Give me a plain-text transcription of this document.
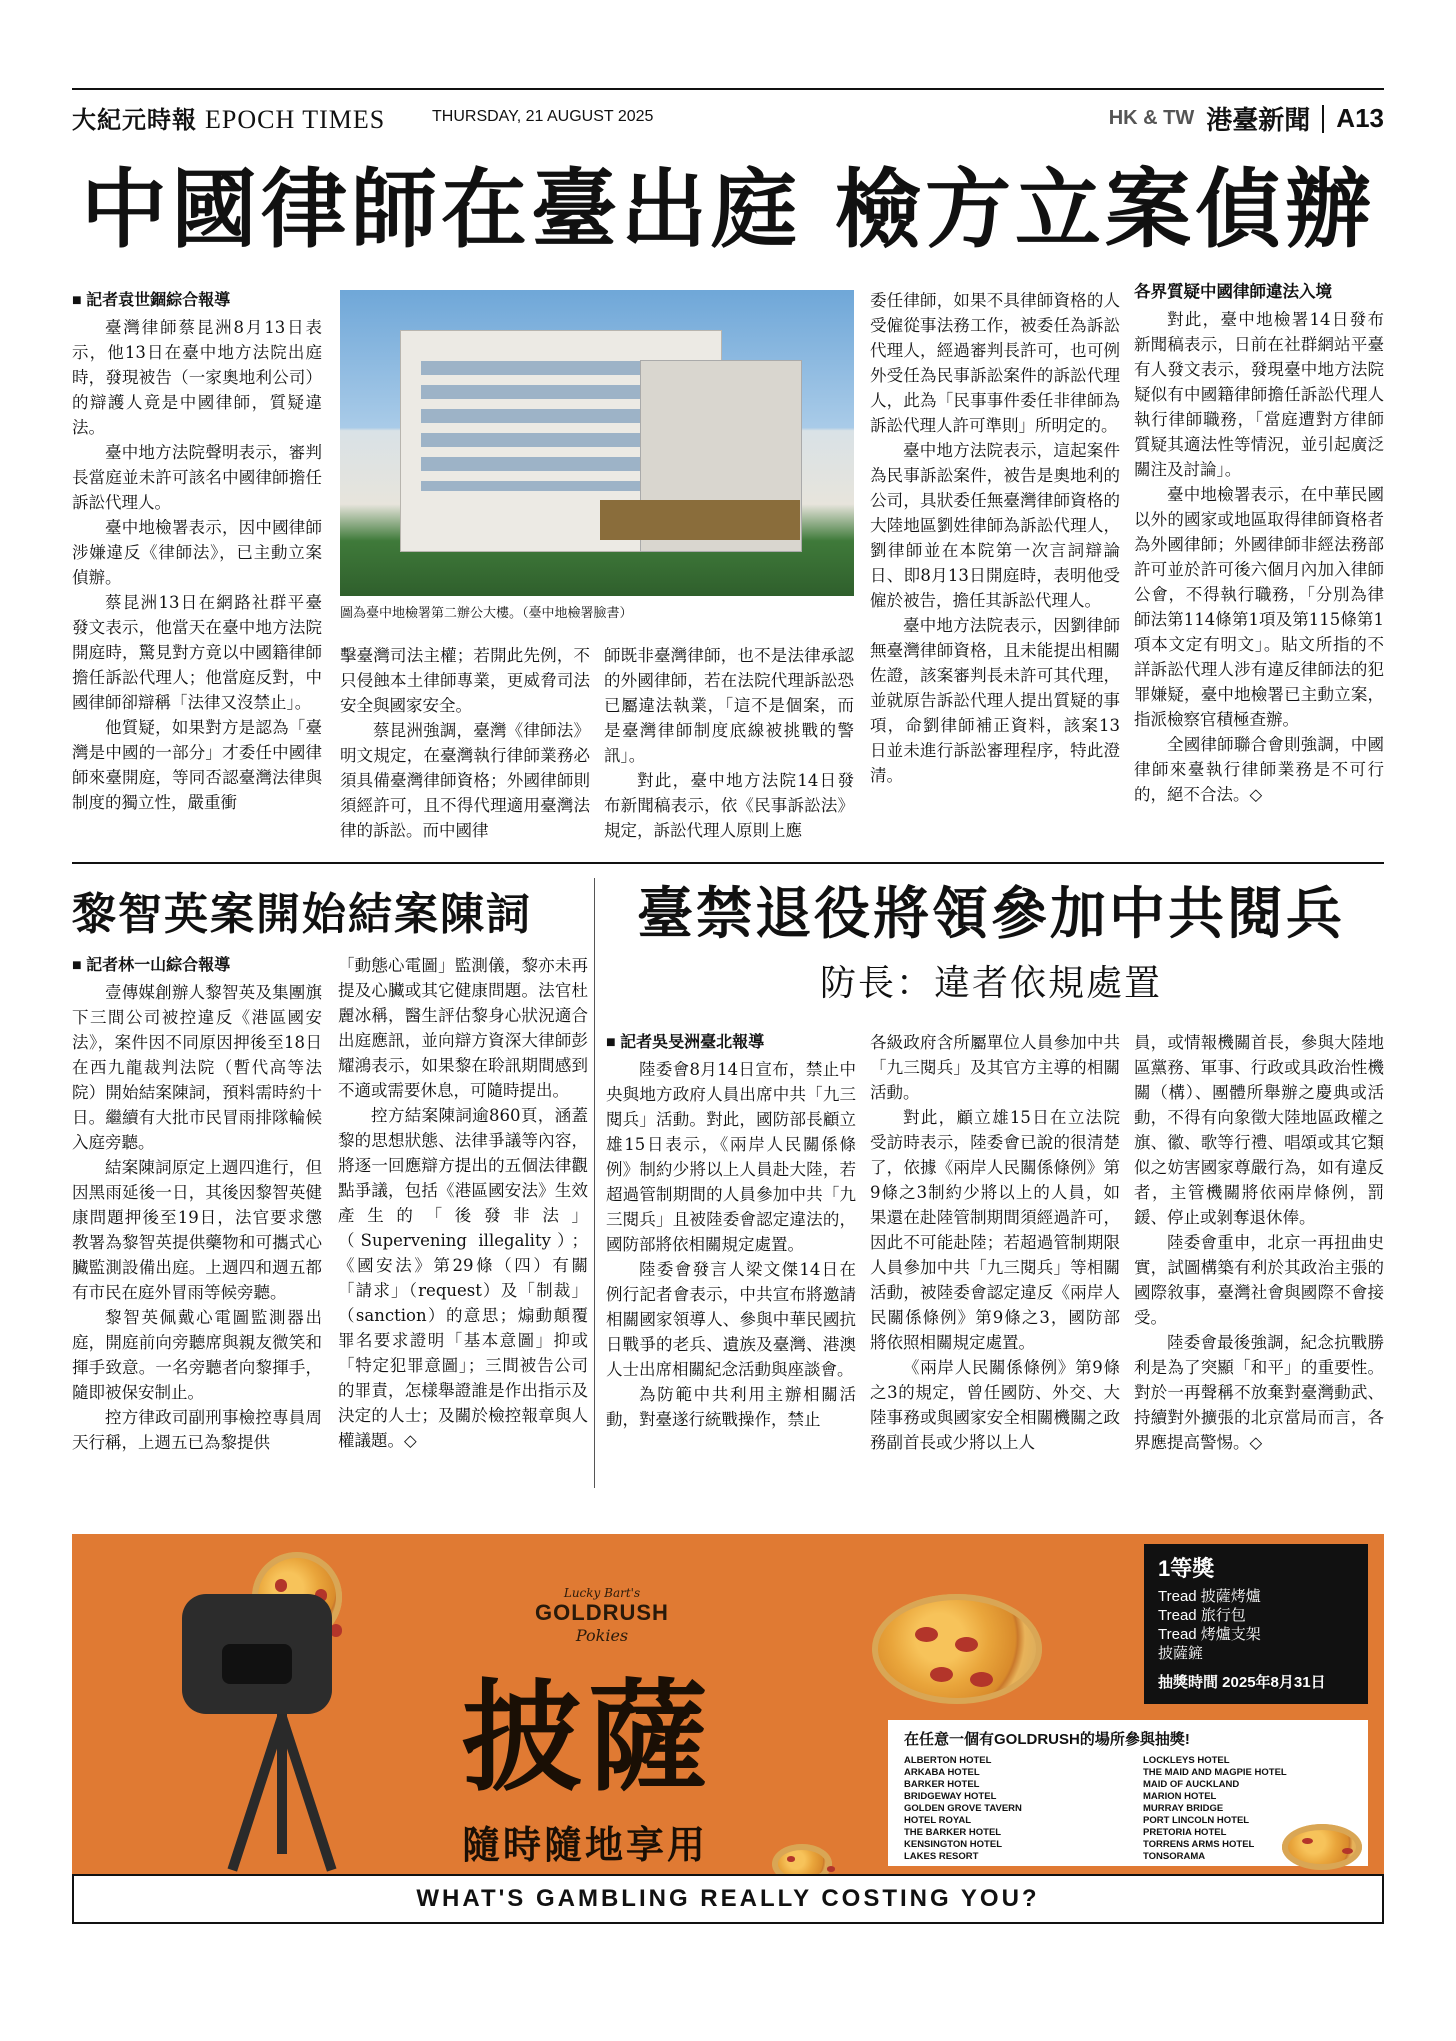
大紀元時報 EPOCH TIMES	THURSDAY, 21 AUGUST 2025	HK & TW 港臺新聞 A13
中國律師在臺出庭 檢方立案偵辦
■ 記者袁世錮綜合報導

臺灣律師蔡昆洲8月13日表示，他13日在臺中地方法院出庭時，發現被告（一家奧地利公司）的辯護人竟是中國律師，質疑違法。

臺中地方法院聲明表示，審判長當庭並未許可該名中國律師擔任訴訟代理人。

臺中地檢署表示，因中國律師涉嫌違反《律師法》，已主動立案偵辦。

蔡昆洲13日在網路社群平臺發文表示，他當天在臺中地方法院開庭時，驚見對方竟以中國籍律師擔任訴訟代理人；他當庭反對，中國律師卻辯稱「法律又沒禁止」。

他質疑，如果對方是認為「臺灣是中國的一部分」才委任中國律師來臺開庭，等同否認臺灣法律與制度的獨立性，嚴重衝

圖為臺中地檢署第二辦公大樓。（臺中地檢署臉書）

擊臺灣司法主權；若開此先例，不只侵蝕本土律師專業，更威脅司法安全與國家安全。

蔡昆洲強調，臺灣《律師法》明文規定，在臺灣執行律師業務必須具備臺灣律師資格；外國律師則須經許可，且不得代理適用臺灣法律的訴訟。而中國律

師既非臺灣律師，也不是法律承認的外國律師，若在法院代理訴訟恐已屬違法執業，「這不是個案，而是臺灣律師制度底線被挑戰的警訊」。

對此，臺中地方法院14日發布新聞稿表示，依《民事訴訟法》規定，訴訟代理人原則上應

委任律師，如果不具律師資格的人受僱從事法務工作，被委任為訴訟代理人，經過審判長許可，也可例外受任為民事訴訟案件的訴訟代理人，此為「民事事件委任非律師為訴訟代理人許可準則」所明定的。

臺中地方法院表示，這起案件為民事訴訟案件，被告是奧地利的公司，具狀委任無臺灣律師資格的大陸地區劉姓律師為訴訟代理人，劉律師並在本院第一次言詞辯論日、即8月13日開庭時，表明他受僱於被告，擔任其訴訟代理人。

臺中地方法院表示，因劉律師無臺灣律師資格，且未能提出相關佐證，該案審判長未許可其代理，並就原告訴訟代理人提出質疑的事項，命劉律師補正資料，該案13日並未進行訴訟審理程序，特此澄清。

各界質疑中國律師違法入境

對此，臺中地檢署14日發布新聞稿表示，日前在社群網站平臺有人發文表示，發現臺中地方法院疑似有中國籍律師擔任訴訟代理人執行律師職務，「當庭遭對方律師質疑其適法性等情況，並引起廣泛關注及討論」。

臺中地檢署表示，在中華民國以外的國家或地區取得律師資格者為外國律師；外國律師非經法務部許可並於許可後六個月內加入律師公會，不得執行職務，「分別為律師法第114條第1項及第115條第1項本文定有明文」。貼文所指的不詳訴訟代理人涉有違反律師法的犯罪嫌疑，臺中地檢署已主動立案，指派檢察官積極查辦。

全國律師聯合會則強調，中國律師來臺執行律師業務是不可行的，絕不合法。◇

黎智英案開始結案陳詞
■ 記者林一山綜合報導

壹傳媒創辦人黎智英及集團旗下三間公司被控違反《港區國安法》，案件因不同原因押後至18日在西九龍裁判法院（暫代高等法院）開始結案陳詞，預料需時約十日。繼續有大批市民冒雨排隊輪候入庭旁聽。

結案陳詞原定上週四進行，但因黑雨延後一日，其後因黎智英健康問題押後至19日，法官要求懲教署為黎智英提供藥物和可攜式心臟監測設備出庭。上週四和週五都有市民在庭外冒雨等候旁聽。

黎智英佩戴心電圖監測器出庭，開庭前向旁聽席與親友微笑和揮手致意。一名旁聽者向黎揮手，隨即被保安制止。

控方律政司副刑事檢控專員周天行稱，上週五已為黎提供

「動態心電圖」監測儀，黎亦未再提及心臟或其它健康問題。法官杜麗冰稱，醫生評估黎身心狀況適合出庭應訊，並向辯方資深大律師彭耀鴻表示，如果黎在聆訊期間感到不適或需要休息，可隨時提出。

控方結案陳詞逾860頁，涵蓋黎的思想狀態、法律爭議等內容，將逐一回應辯方提出的五個法律觀點爭議，包括《港區國安法》生效產生的「後發非法」（Supervening illegality）；《國安法》第29條（四）有關「請求」（request）及「制裁」（sanction）的意思；煽動顛覆罪名要求證明「基本意圖」抑或「特定犯罪意圖」；三間被告公司的罪責，怎樣舉證誰是作出指示及決定的人士；及關於檢控報章與人權議題。◇

臺禁退役將領參加中共閱兵
防長：違者依規處置
■ 記者吳旻洲臺北報導

陸委會8月14日宣布，禁止中央與地方政府人員出席中共「九三閱兵」活動。對此，國防部長顧立雄15日表示，《兩岸人民關係條例》制約少將以上人員赴大陸，若超過管制期間的人員參加中共「九三閱兵」且被陸委會認定違法的，國防部將依相關規定處置。

陸委會發言人梁文傑14日在例行記者會表示，中共宣布將邀請相關國家領導人、參與中華民國抗日戰爭的老兵、遺族及臺灣、港澳人士出席相關紀念活動與座談會。

為防範中共利用主辦相關活動，對臺遂行統戰操作，禁止

各級政府含所屬單位人員參加中共「九三閱兵」及其官方主導的相關活動。

對此，顧立雄15日在立法院受訪時表示，陸委會已說的很清楚了，依據《兩岸人民關係條例》第9條之3制約少將以上的人員，如果還在赴陸管制期間須經過許可，因此不可能赴陸；若超過管制期限人員參加中共「九三閱兵」等相關活動，被陸委會認定違反《兩岸人民關係條例》第9條之3，國防部將依照相關規定處置。

《兩岸人民關係條例》第9條之3的規定，曾任國防、外交、大陸事務或與國家安全相關機關之政務副首長或少將以上人

員，或情報機關首長，參與大陸地區黨務、軍事、行政或具政治性機關（構）、團體所舉辦之慶典或活動，不得有向象徵大陸地區政權之旗、徽、歌等行禮、唱頌或其它類似之妨害國家尊嚴行為，如有違反者，主管機關將依兩岸條例，罰鍰、停止或剝奪退休俸。

陸委會重申，北京一再扭曲史實，試圖構築有利於其政治主張的國際敘事，臺灣社會與國際不會接受。

陸委會最後強調，紀念抗戰勝利是為了突顯「和平」的重要性。對於一再聲稱不放棄對臺灣動武、持續對外擴張的北京當局而言，各界應提高警惕。◇

Lucky Bart's
GOLDRUSH
Pokies
披薩
隨時隨地享用
1等獎
Tread 披薩烤爐
Tread 旅行包
Tread 烤爐支架
披薩鏟
抽獎時間 2025年8月31日
在任意一個有GOLDRUSH的場所參與抽獎!
ALBERTON HOTEL
ARKABA HOTEL
BARKER HOTEL
BRIDGEWAY HOTEL
GOLDEN GROVE TAVERN
HOTEL ROYAL
THE BARKER HOTEL
KENSINGTON HOTEL
LAKES RESORT
LOCKLEYS HOTEL
THE MAID AND MAGPIE HOTEL
MAID OF AUCKLAND
MARION HOTEL
MURRAY BRIDGE
PORT LINCOLN HOTEL
PRETORIA HOTEL
TORRENS ARMS HOTEL
TONSORAMA
WHAT'S GAMBLING REALLY COSTING YOU?
